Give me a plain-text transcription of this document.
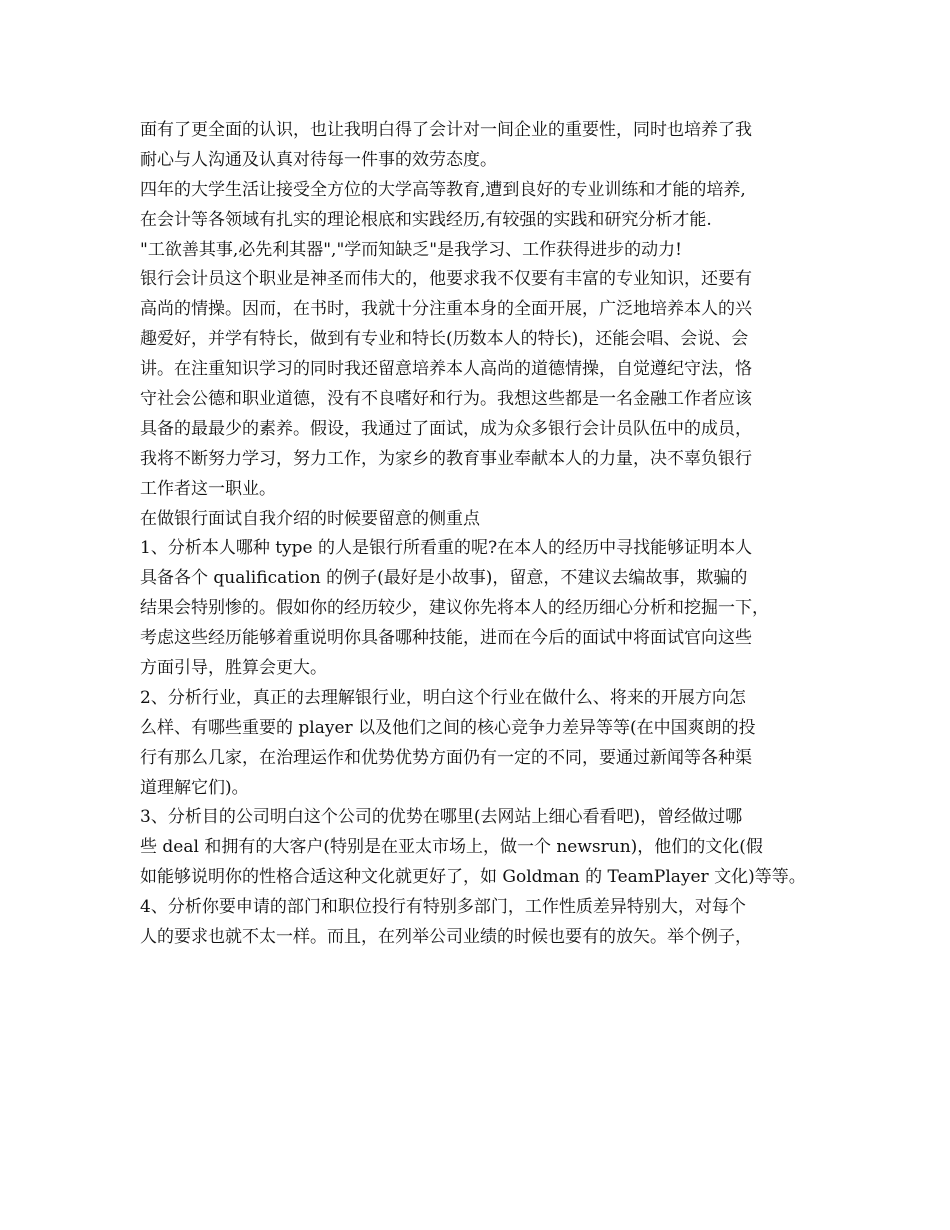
面有了更全面的认识，也让我明白得了会计对一间企业的重要性，同时也培养了我
耐心与人沟通及认真对待每一件事的效劳态度。
四年的大学生活让接受全方位的大学高等教育,遭到良好的专业训练和才能的培养,
在会计等各领域有扎实的理论根底和实践经历,有较强的实践和研究分析才能.
"工欲善其事,必先利其器","学而知缺乏"是我学习、工作获得进步的动力!
银行会计员这个职业是神圣而伟大的，他要求我不仅要有丰富的专业知识，还要有
高尚的情操。因而，在书时，我就十分注重本身的全面开展，广泛地培养本人的兴
趣爱好，并学有特长，做到有专业和特长(历数本人的特长)，还能会唱、会说、会
讲。在注重知识学习的同时我还留意培养本人高尚的道德情操，自觉遵纪守法，恪
守社会公德和职业道德，没有不良嗜好和行为。我想这些都是一名金融工作者应该
具备的最最少的素养。假设，我通过了面试，成为众多银行会计员队伍中的成员，
我将不断努力学习，努力工作，为家乡的教育事业奉献本人的力量，决不辜负银行
工作者这一职业。
在做银行面试自我介绍的时候要留意的侧重点
1、分析本人哪种 type 的人是银行所看重的呢?在本人的经历中寻找能够证明本人
具备各个 qualification 的例子(最好是小故事)，留意，不建议去编故事，欺骗的
结果会特别惨的。假如你的经历较少，建议你先将本人的经历细心分析和挖掘一下，
考虑这些经历能够着重说明你具备哪种技能，进而在今后的面试中将面试官向这些
方面引导，胜算会更大。
2、分析行业，真正的去理解银行业，明白这个行业在做什么、将来的开展方向怎
么样、有哪些重要的 player 以及他们之间的核心竞争力差异等等(在中国爽朗的投
行有那么几家，在治理运作和优势优势方面仍有一定的不同，要通过新闻等各种渠
道理解它们)。
3、分析目的公司明白这个公司的优势在哪里(去网站上细心看看吧)，曾经做过哪
些 deal 和拥有的大客户(特别是在亚太市场上，做一个 newsrun)，他们的文化(假
如能够说明你的性格合适这种文化就更好了，如 Goldman 的 TeamPlayer 文化)等等。
4、分析你要申请的部门和职位投行有特别多部门，工作性质差异特别大，对每个
人的要求也就不太一样。而且，在列举公司业绩的时候也要有的放矢。举个例子，
